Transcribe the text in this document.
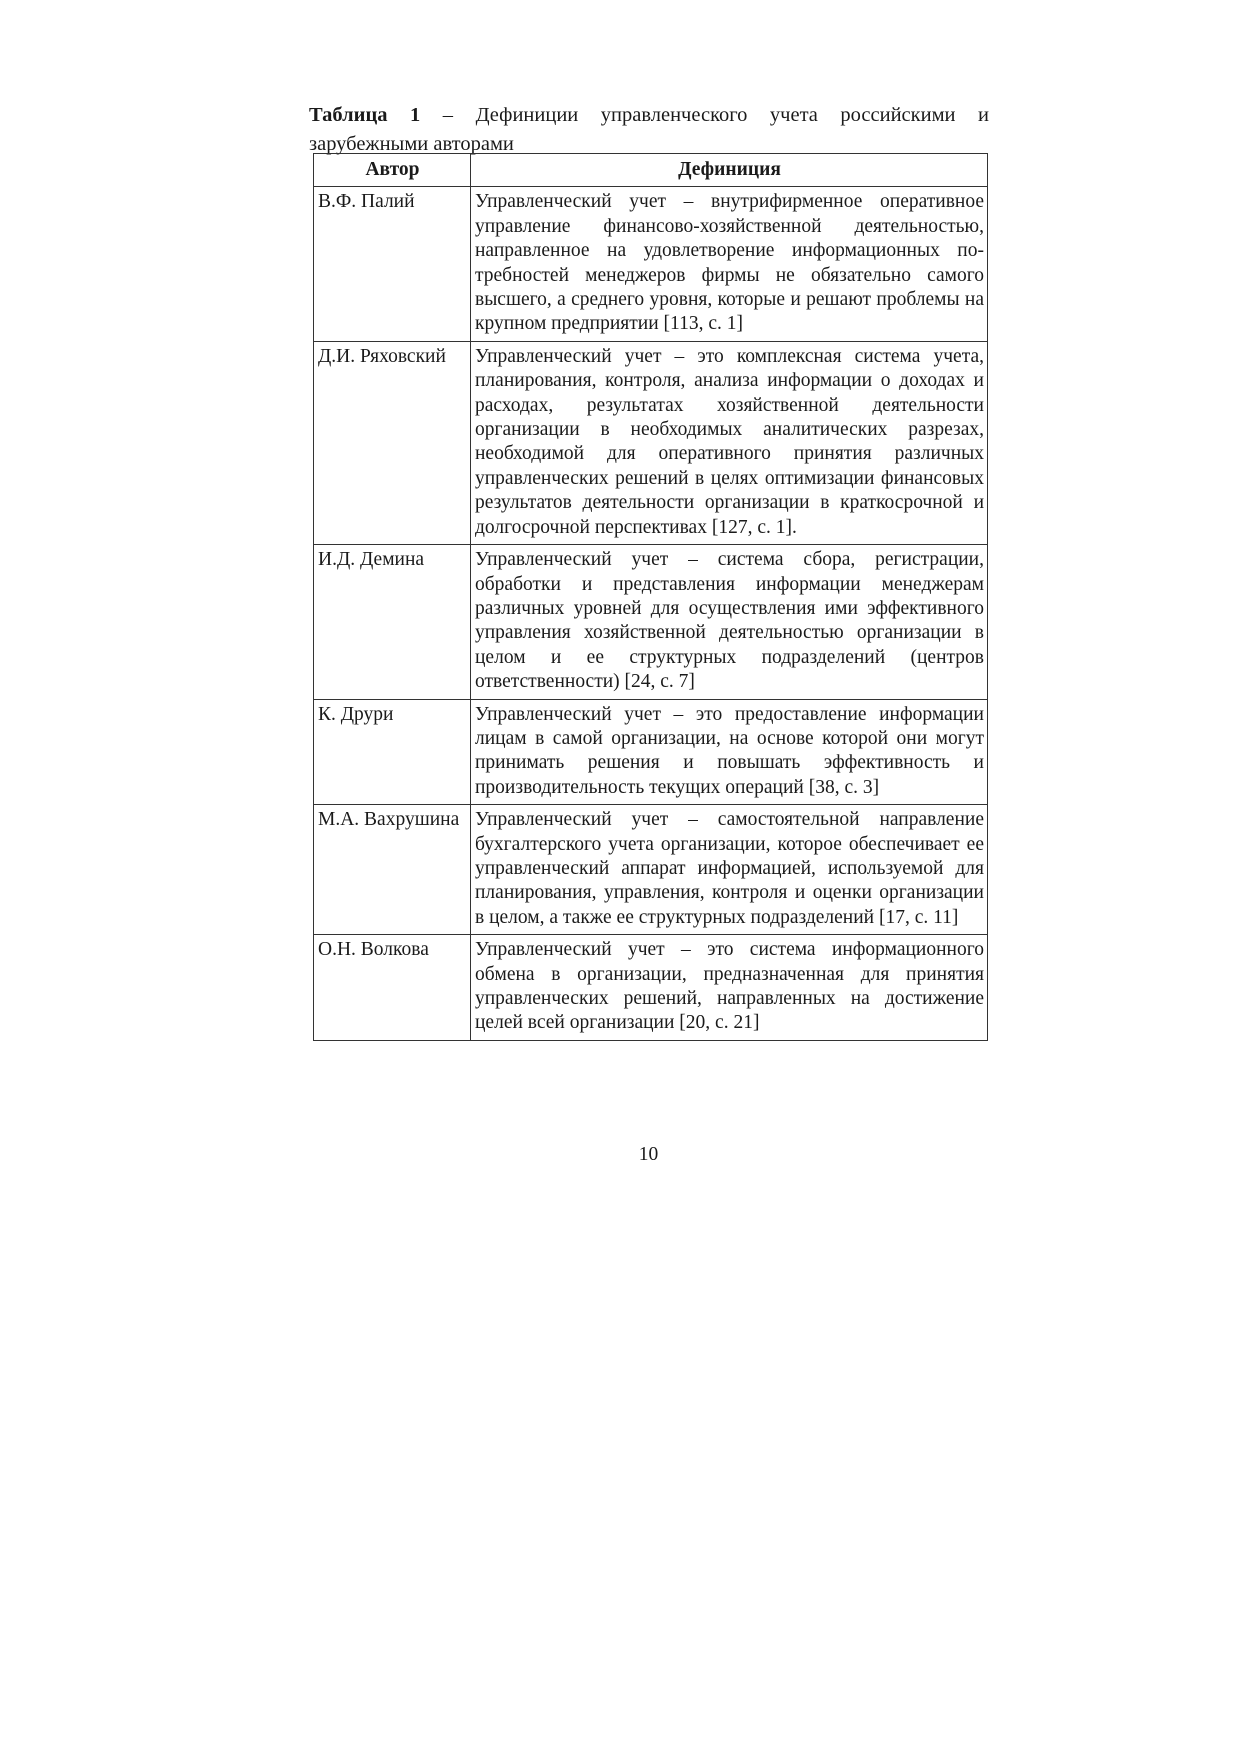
Таблица 1 – Дефиниции управленческого учета российскими и зарубежными авторами

Автор	Дефиниция
В.Ф. Палий	Управленческий учет – внутрифирменное оперативное управление финансово-хозяйственной деятельностью, направленное на удовлетворение информационных потребностей менеджеров фирмы не обязательно самого высшего, а среднего уровня, которые и решают проблемы на крупном предприятии [113, с. 1]
Д.И. Ряховский	Управленческий учет – это комплексная система учета, планирования, контроля, анализа информации о доходах и расходах, результатах хозяйственной деятельности организации в необходимых аналитических разрезах, необходимой для оперативного принятия различных управленческих решений в целях оптимизации финансовых результатов деятельности организации в краткосрочной и долгосрочной перспективах [127, с. 1].
И.Д. Демина	Управленческий учет – система сбора, регистрации, обработки и представления информации менеджерам различных уровней для осуществления ими эффективного управления хозяйственной деятельностью организации в целом и ее структурных подразделений (центров ответственности) [24, с. 7]
К. Друри	Управленческий учет – это предоставление информации лицам в самой организации, на основе которой они могут принимать решения и повышать эффективность и производительность текущих операций [38, с. 3]
М.А. Вахрушина	Управленческий учет – самостоятельной направление бухгалтерского учета организации, которое обеспечивает ее управленческий аппарат информацией, используемой для планирования, управления, контроля и оценки организации в целом, а также ее структурных подразделений [17, с. 11]
О.Н. Волкова	Управленческий учет – это система информационного обмена в организации, предназначенная для принятия управленческих решений, направленных на достижение целей всей организации [20, с. 21]
10
